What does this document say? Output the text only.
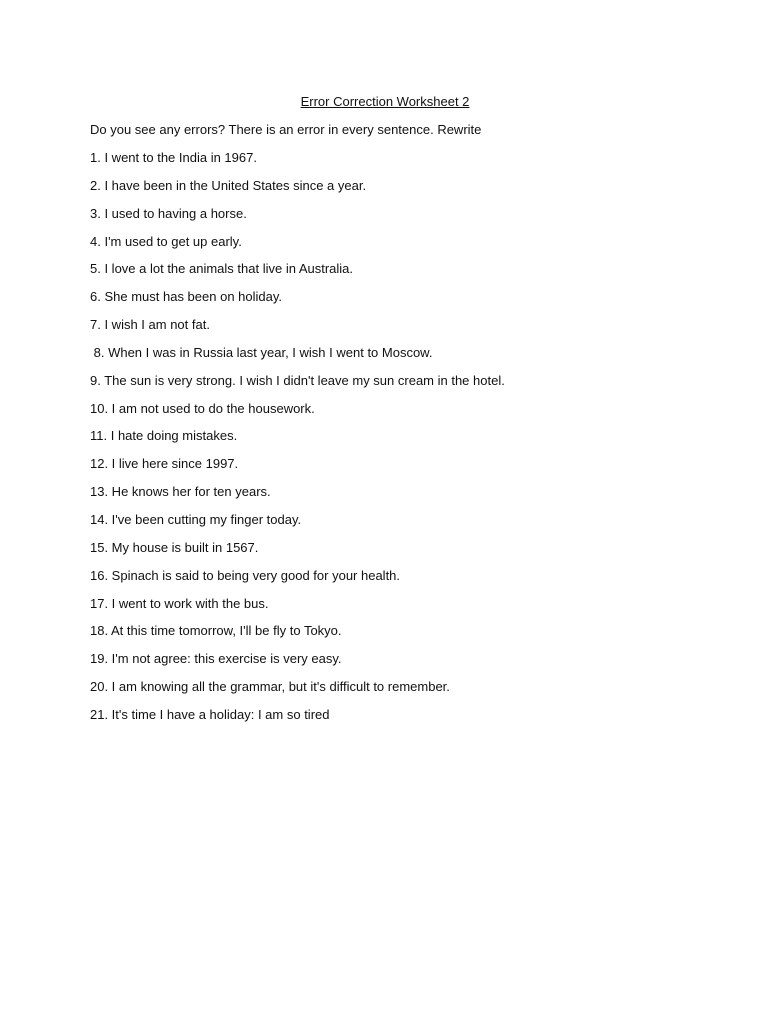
Error Correction Worksheet 2
Do you see any errors? There is an error in every sentence. Rewrite
1. I went to the India in 1967.
2. I have been in the United States since a year.
3. I used to having a horse.
4. I'm used to get up early.
5. I love a lot the animals that live in Australia.
6. She must has been on holiday.
7. I wish I am not fat.
8. When I was in Russia last year, I wish I went to Moscow.
9. The sun is very strong. I wish I didn't leave my sun cream in the hotel.
10. I am not used to do the housework.
11. I hate doing mistakes.
12. I live here since 1997.
13. He knows her for ten years.
14. I've been cutting my finger today.
15. My house is built in 1567.
16. Spinach is said to being very good for your health.
17. I went to work with the bus.
18. At this time tomorrow, I'll be fly to Tokyo.
19. I'm not agree: this exercise is very easy.
20. I am knowing all the grammar, but it's difficult to remember.
21. It's time I have a holiday: I am so tired
